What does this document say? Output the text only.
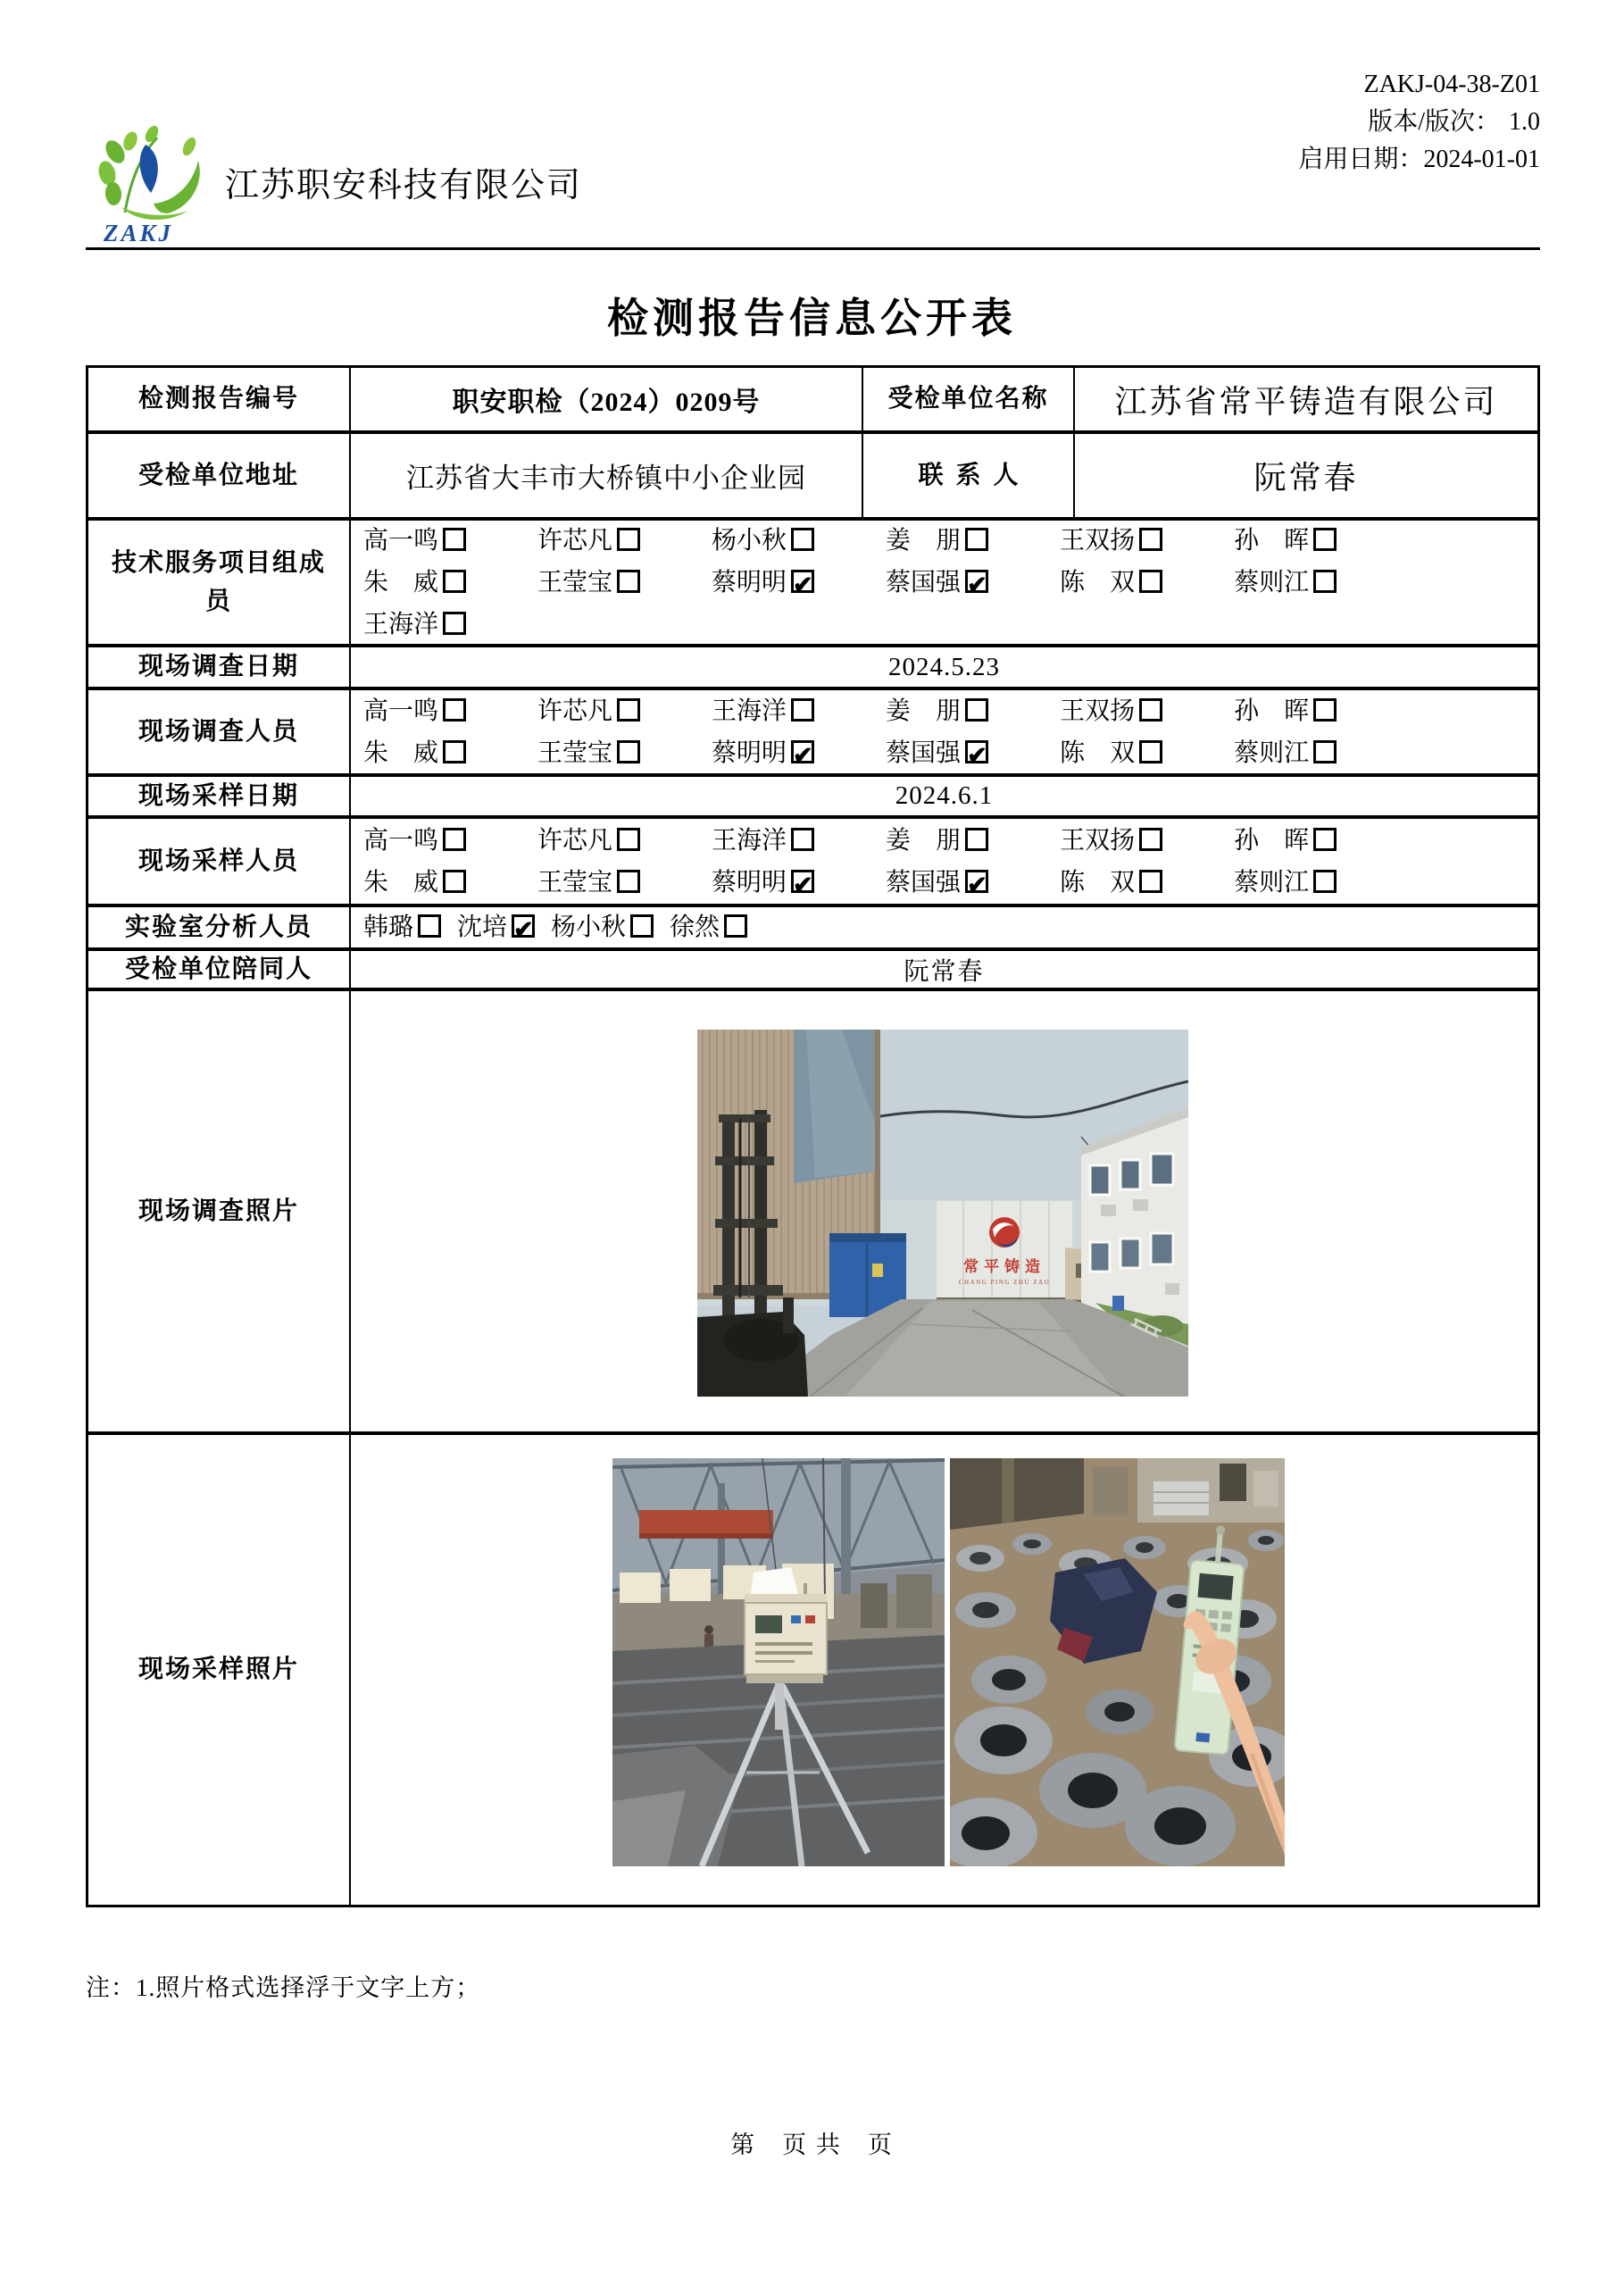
ZAKJ
江苏职安科技有限公司
ZAKJ-04-38-Z01
版本/版次： 1.0
启用日期：2024-01-01
检测报告信息公开表
检测报告编号	职安职检（2024）0209号	受检单位名称	江苏省常平铸造有限公司
受检单位地址	江苏省大丰市大桥镇中小企业园	联系人	阮常春
技术服务项目组成员
高一鸣	许芯凡	杨小秋	姜　朋	王双扬	孙　晖
朱　威	王莹宝	蔡明明 ✔	蔡国强 ✔	陈　双	蔡则江
王海洋
现场调查日期	2024.5.23
现场调查人员
高一鸣	许芯凡	王海洋	姜　朋	王双扬	孙　晖
朱　威	王莹宝	蔡明明 ✔	蔡国强 ✔	陈　双	蔡则江
现场采样日期	2024.6.1
现场采样人员
高一鸣	许芯凡	王海洋	姜　朋	王双扬	孙　晖
朱　威	王莹宝	蔡明明 ✔	蔡国强 ✔	陈　双	蔡则江
实验室分析人员	韩璐	沈培 ✔	杨小秋	徐然
受检单位陪同人	阮常春
现场调查照片
常平铸造
CHANG PING ZHU ZAO
现场采样照片
注：1.照片格式选择浮于文字上方；
第　页 共　页
